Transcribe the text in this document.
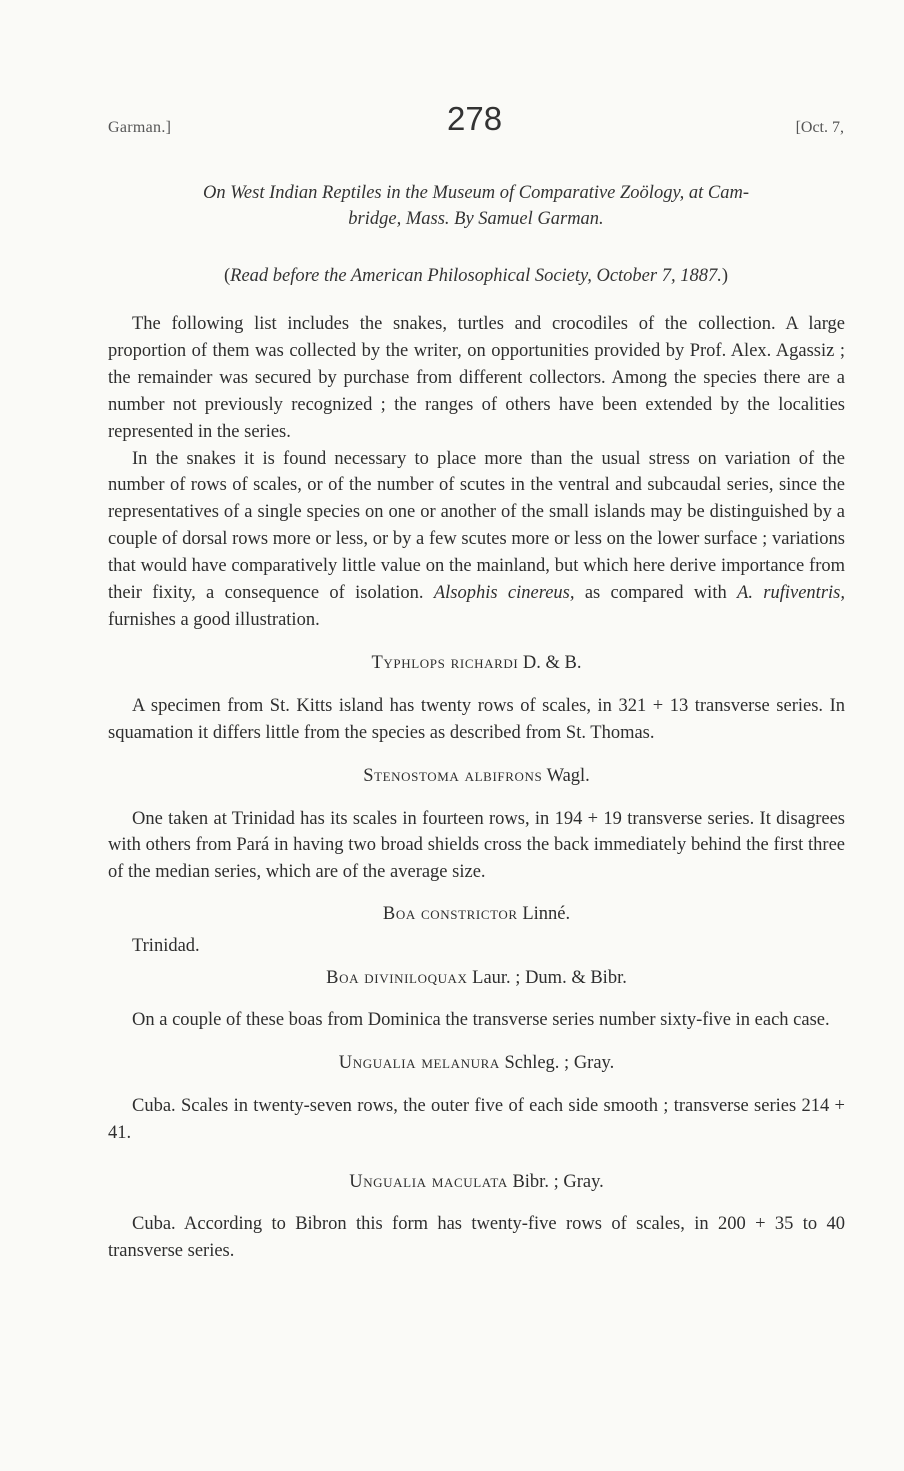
Garman.]	278	[Oct. 7,
On West Indian Reptiles in the Museum of Comparative Zoölogy, at Cam-
bridge, Mass. By Samuel Garman.
(Read before the American Philosophical Society, October 7, 1887.)

The following list includes the snakes, turtles and crocodiles of the collection. A large proportion of them was collected by the writer, on opportunities provided by Prof. Alex. Agassiz ; the remainder was secured by purchase from different collectors. Among the species there are a number not previously recognized ; the ranges of others have been extended by the localities represented in the series.

In the snakes it is found necessary to place more than the usual stress on variation of the number of rows of scales, or of the number of scutes in the ventral and subcaudal series, since the representatives of a single species on one or another of the small islands may be distinguished by a couple of dorsal rows more or less, or by a few scutes more or less on the lower surface ; variations that would have comparatively little value on the mainland, but which here derive importance from their fixity, a consequence of isolation. Alsophis cinereus, as compared with A. rufiventris, furnishes a good illustration.

Typhlops richardi D. & B.

A specimen from St. Kitts island has twenty rows of scales, in 321 + 13 transverse series. In squamation it differs little from the species as described from St. Thomas.

Stenostoma albifrons Wagl.

One taken at Trinidad has its scales in fourteen rows, in 194 + 19 transverse series. It disagrees with others from Pará in having two broad shields cross the back immediately behind the first three of the median series, which are of the average size.

Boa constrictor Linné.

Trinidad.

Boa diviniloquax Laur. ; Dum. & Bibr.

On a couple of these boas from Dominica the transverse series number sixty-five in each case.

Ungualia melanura Schleg. ; Gray.

Cuba. Scales in twenty-seven rows, the outer five of each side smooth ; transverse series 214 + 41.

Ungualia maculata Bibr. ; Gray.

Cuba. According to Bibron this form has twenty-five rows of scales, in 200 + 35 to 40 transverse series.
